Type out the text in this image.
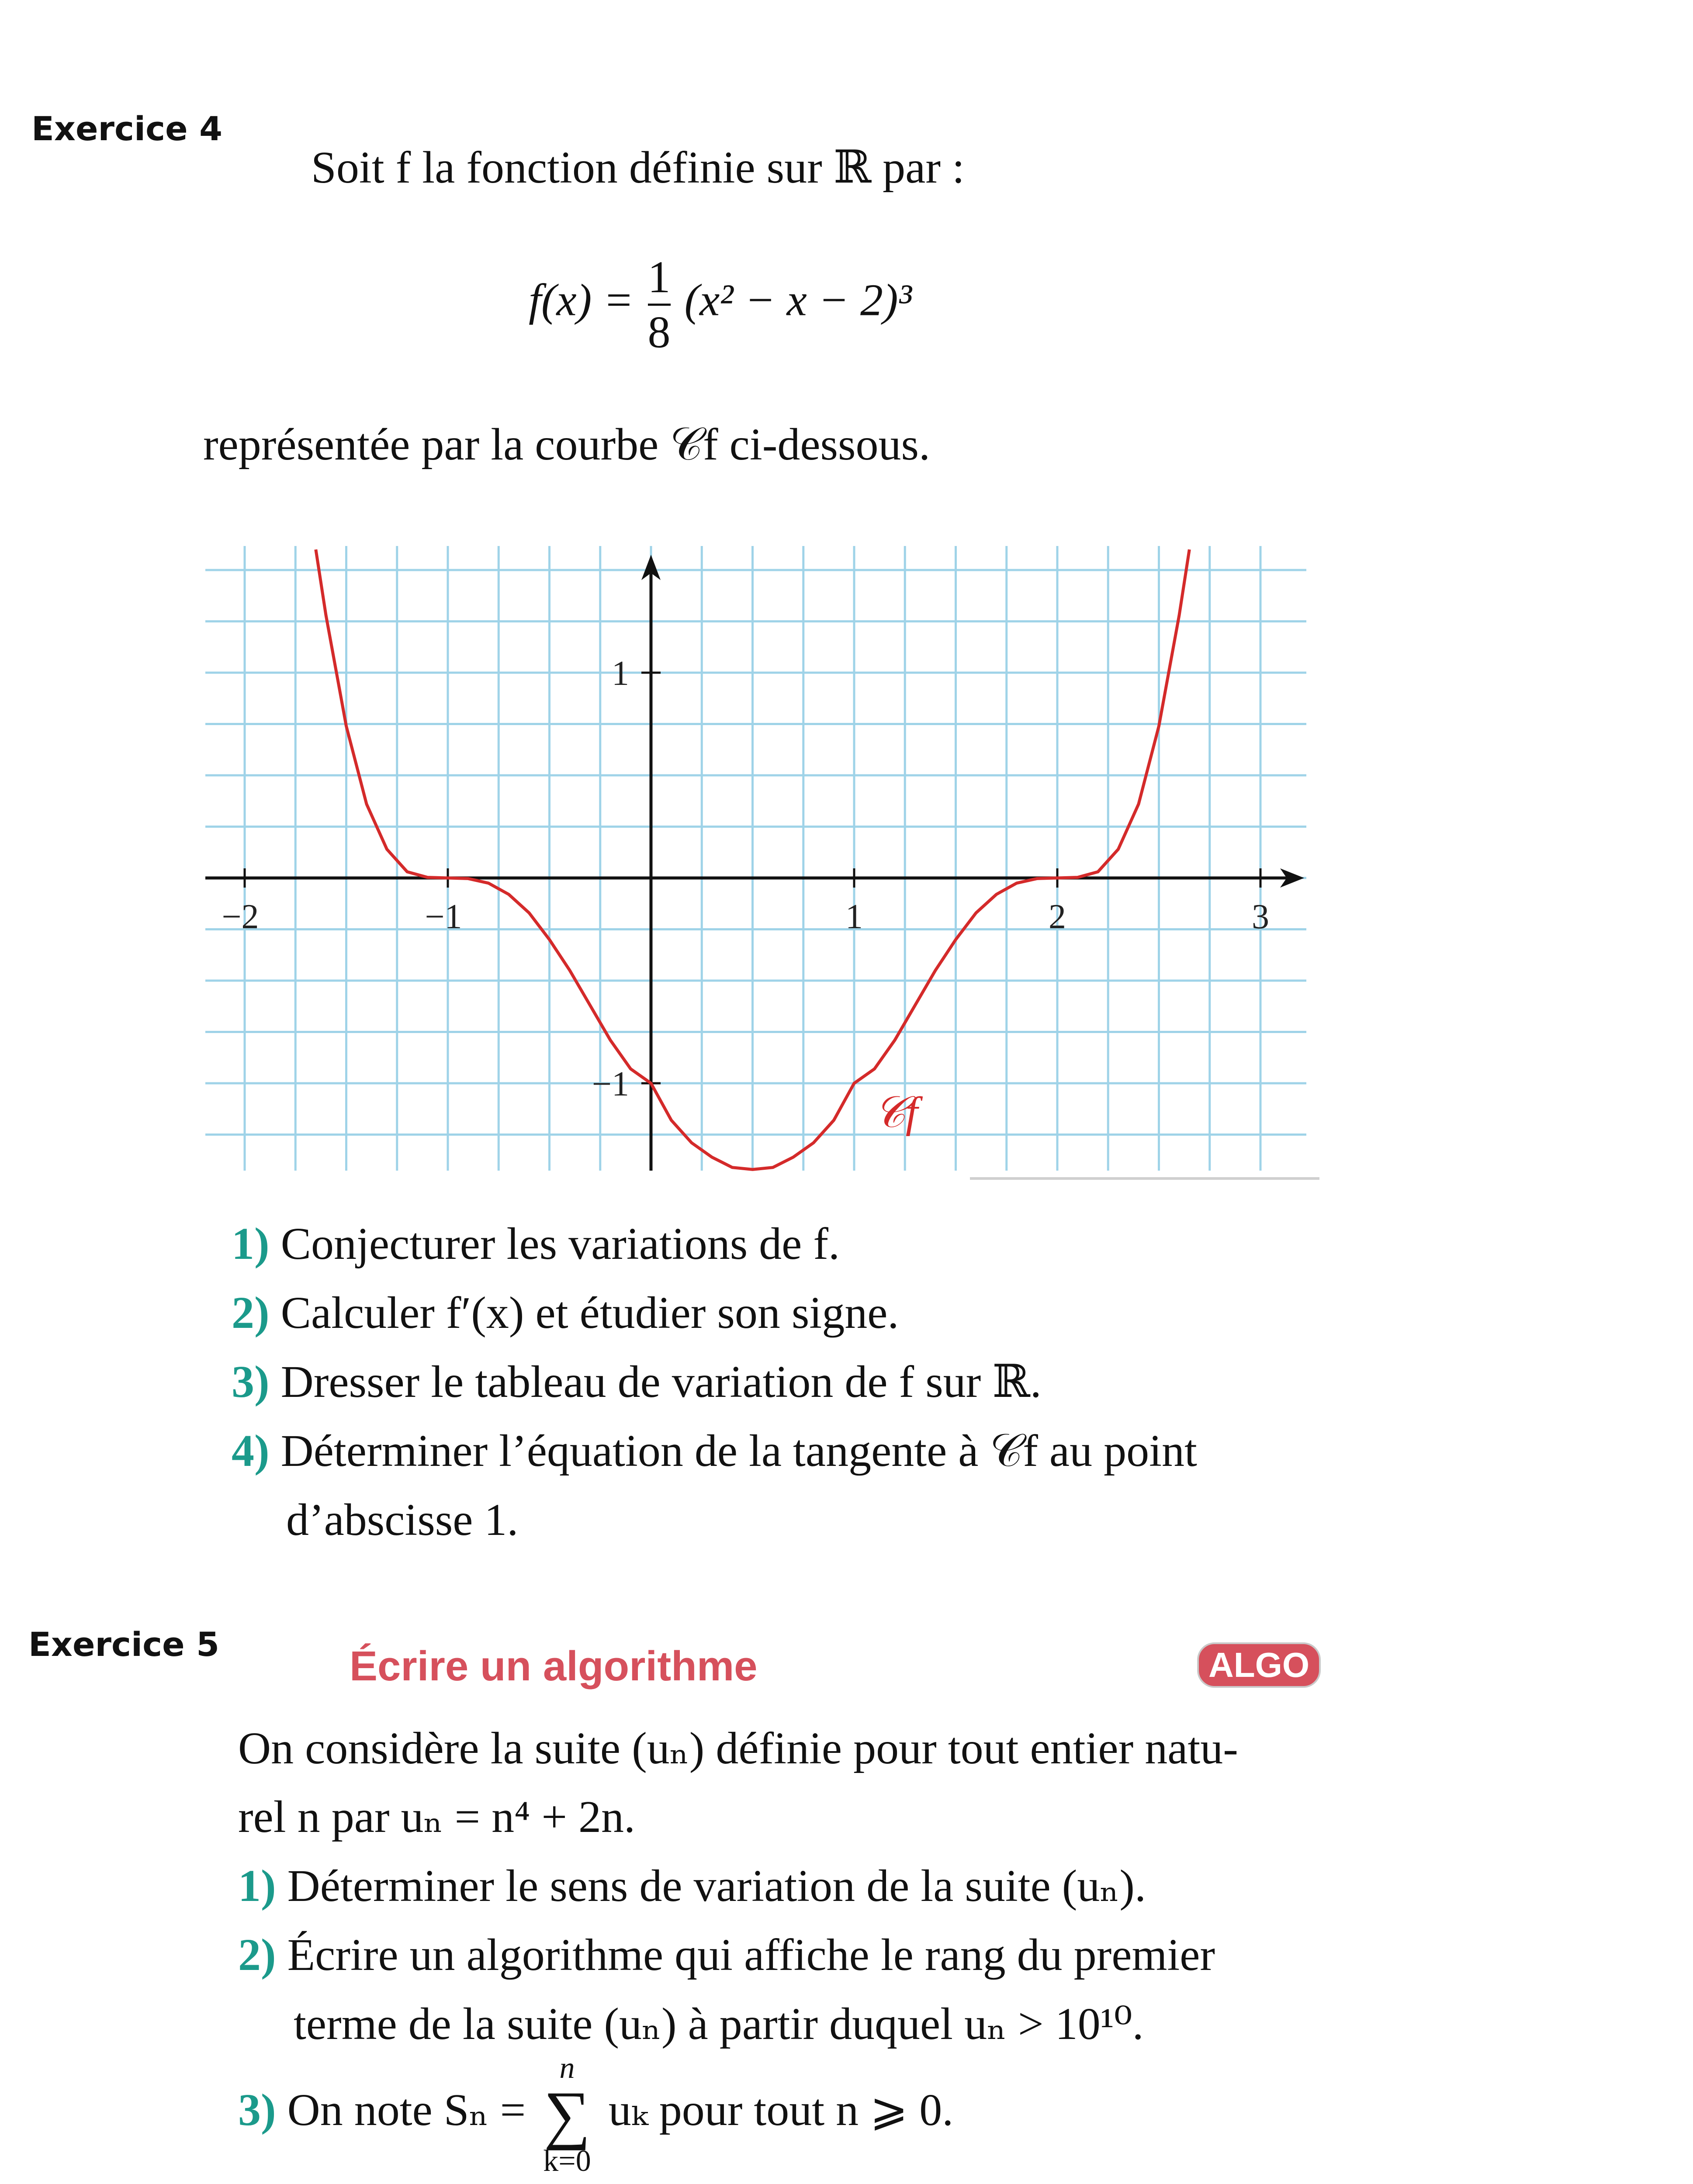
Exercice 4
Soit f la fonction définie sur ℝ par :
f(x) = 1
8
(x² − x − 2)³
représentée par la courbe 𝒞f ci-dessous.
−2	−1	1	2	3
1
−1
𝒞f
1) Conjecturer les variations de f.
2) Calculer f′(x) et étudier son signe.
3) Dresser le tableau de variation de f sur ℝ.
4) Déterminer l’équation de la tangente à 𝒞f au point
d’abscisse 1.
Exercice 5	Écrire un algorithme	ALGO
On considère la suite (uₙ) définie pour tout entier natu-
rel n par uₙ = n⁴ + 2n.
1) Déterminer le sens de variation de la suite (uₙ).
2) Écrire un algorithme qui affiche le rang du premier
terme de la suite (uₙ) à partir duquel uₙ > 10¹⁰.
3) On note Sₙ =
n
∑
k=0
uₖ pour tout n ⩾ 0.
